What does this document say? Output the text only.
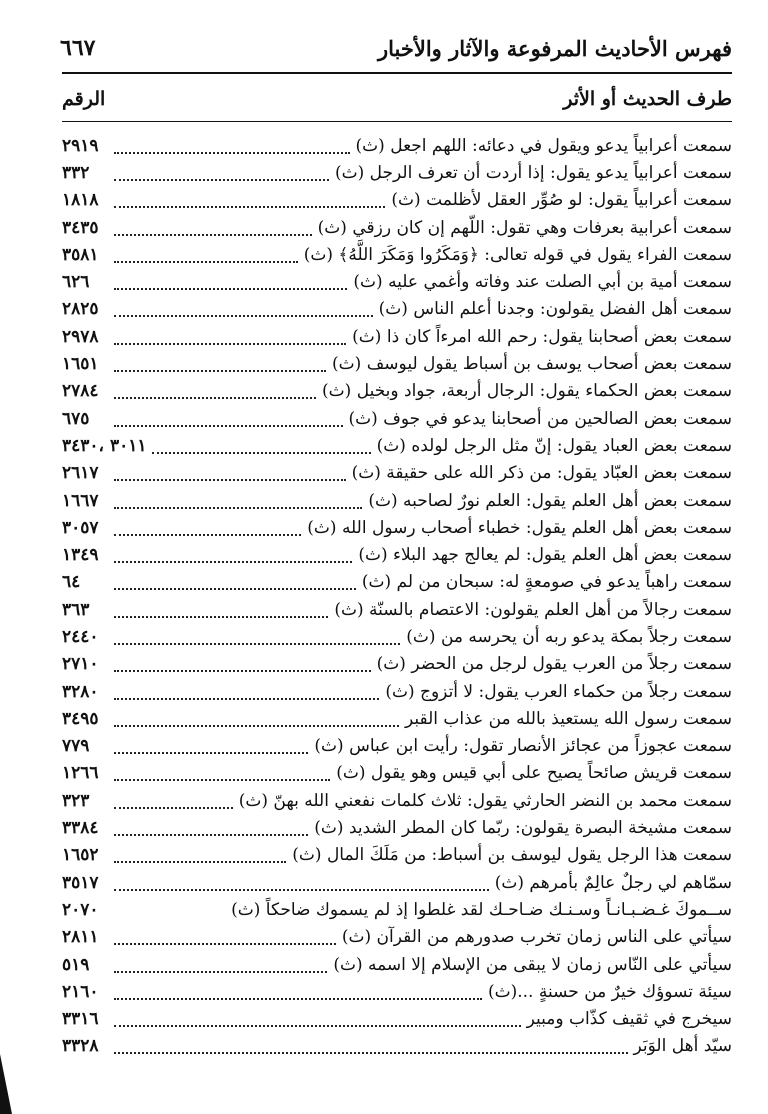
٦٦٧	فهرس الأحاديث المرفوعة والآثار والأخبار
طرف الحديث أو الأثر
الرقم
سمعت أعرابياً يدعو ويقول في دعائه: اللهم اجعل (ث)
٢٩١٩
سمعت أعرابياً يدعو يقول: إذا أردت أن تعرف الرجل (ث)
٣٣٢
سمعت أعرابياً يقول: لو صُوِّر العقل لأظلمت (ث)
١٨١٨
سمعت أعرابية بعرفات وهي تقول: اللّهم إن كان رزقي (ث)
٣٤٣٥
سمعت الفراء يقول في قوله تعالى: ﴿وَمَكَرُوا وَمَكَرَ اللَّهُ﴾ (ث)
٣٥٨١
سمعت أمية بن أبي الصلت عند وفاته وأغمي عليه (ث)
٦٢٦
سمعت أهل الفضل يقولون: وجدنا أعلم الناس (ث)
٢٨٢٥
سمعت بعض أصحابنا يقول: رحم الله امرءاً كان ذا (ث)
٢٩٧٨
سمعت بعض أصحاب يوسف بن أسباط يقول ليوسف (ث)
١٦٥١
سمعت بعض الحكماء يقول: الرجال أربعة، جواد وبخيل (ث)
٢٧٨٤
سمعت بعض الصالحين من أصحابنا يدعو في جوف (ث)
٦٧٥
سمعت بعض العباد يقول: إنّ مثل الرجل لولده (ث)
٣٠١١ ،٣٤٣٠
سمعت بعض العبّاد يقول: من ذكر الله على حقيقة (ث)
٢٦١٧
سمعت بعض أهل العلم يقول: العلم نورٌ لصاحبه (ث)
١٦٦٧
سمعت بعض أهل العلم يقول: خطباء أصحاب رسول الله (ث)
٣٠٥٧
سمعت بعض أهل العلم يقول: لم يعالج جهد البلاء (ث)
١٣٤٩
سمعت راهباً يدعو في صومعةٍ له: سبحان من لم (ث)
٦٤
سمعت رجالاً من أهل العلم يقولون: الاعتصام بالسنّة (ث)
٣٦٣
سمعت رجلاً بمكة يدعو ربه أن يحرسه من (ث)
٢٤٤٠
سمعت رجلاً من العرب يقول لرجل من الحضر (ث)
٢٧١٠
سمعت رجلاً من حكماء العرب يقول: لا أتزوج (ث)
٣٢٨٠
سمعت رسول الله يستعيذ بالله من عذاب القبر
٣٤٩٥
سمعت عجوزاً من عجائز الأنصار تقول: رأيت ابن عباس (ث)
٧٧٩
سمعت قريش صائحاً يصيح على أبي قيس وهو يقول (ث)
١٢٦٦
سمعت محمد بن النضر الحارثي يقول: ثلاث كلمات نفعني الله بهنّ (ث)
٣٢٣
سمعت مشيخة البصرة يقولون: ربّما كان المطر الشديد (ث)
٣٣٨٤
سمعت هذا الرجل يقول ليوسف بن أسباط: من مَلَكَ المال (ث)
١٦٥٢
سمّاهم لي رجلٌ عالِمٌ بأمرهم (ث)
٣٥١٧
ســموكَ غـضـبـانـاً وسـنـك ضـاحـك لقد غلطوا إذ لم يسموك ضاحكاً (ث)
٢٠٧٠
سيأتي على الناس زمان تخرب صدورهم من القرآن (ث)
٢٨١١
سيأتي على النّاس زمان لا يبقى من الإسلام إلا اسمه (ث)
٥١٩
سيئة تسوؤك خيرٌ من حسنةٍ ...(ث)
٢١٦٠
سيخرج في ثقيف كذّاب ومبير
٣٣١٦
سيّد أهل الوَبَر
٣٣٢٨
